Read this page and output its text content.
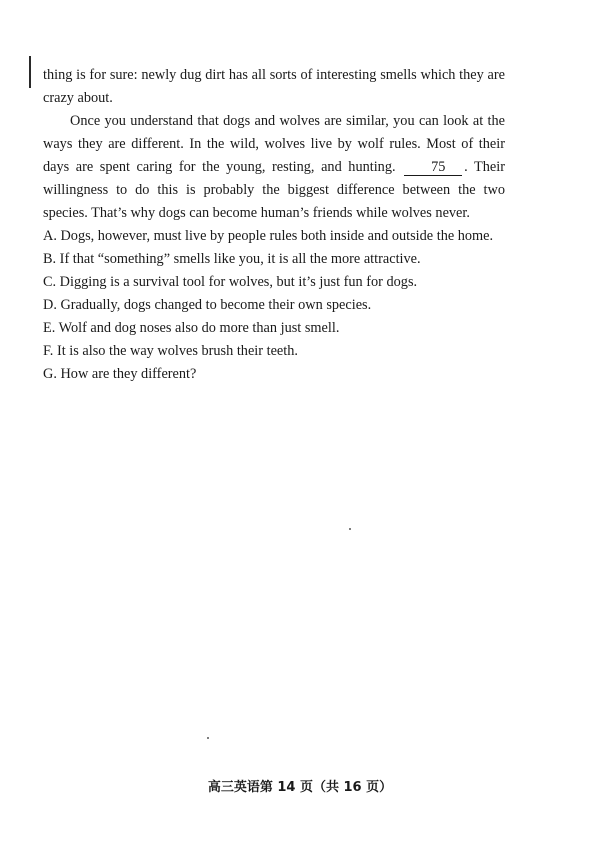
thing is for sure: newly dug dirt has all sorts of interesting smells which they are crazy about.

Once you understand that dogs and wolves are similar, you can look at the ways they are different. In the wild, wolves live by wolf rules. Most of their days are spent caring for the young, resting, and hunting. 75 . Their willingness to do this is probably the biggest difference between the two species. That’s why dogs can become human’s friends while wolves never.

A. Dogs, however, must live by people rules both inside and outside the home.
B. If that “something” smells like you, it is all the more attractive.
C. Digging is a survival tool for wolves, but it’s just fun for dogs.
D. Gradually, dogs changed to become their own species.
E. Wolf and dog noses also do more than just smell.
F. It is also the way wolves brush their teeth.
G. How are they different?
高三英语第 14 页（共 16 页）
